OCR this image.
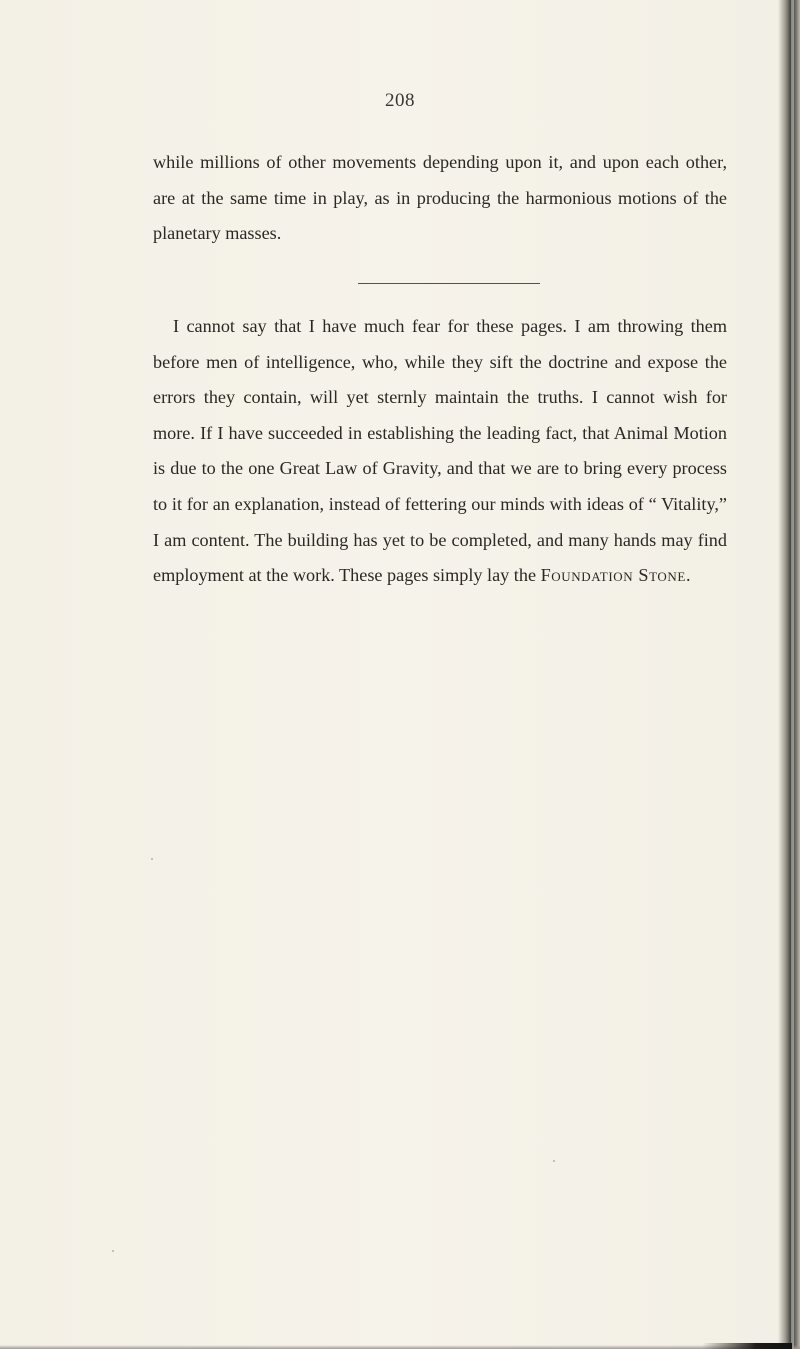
208

while millions of other movements depending upon it, and upon each other, are at the same time in play, as in producing the harmonious motions of the planetary masses.

I cannot say that I have much fear for these pages. I am throwing them before men of intelligence, who, while they sift the doctrine and expose the errors they contain, will yet sternly maintain the truths. I cannot wish for more. If I have succeeded in establishing the leading fact, that Animal Motion is due to the one Great Law of Gravity, and that we are to bring every process to it for an explanation, instead of fettering our minds with ideas of “ Vitality,” I am content. The building has yet to be completed, and many hands may find employment at the work. These pages simply lay the Foundation Stone.
